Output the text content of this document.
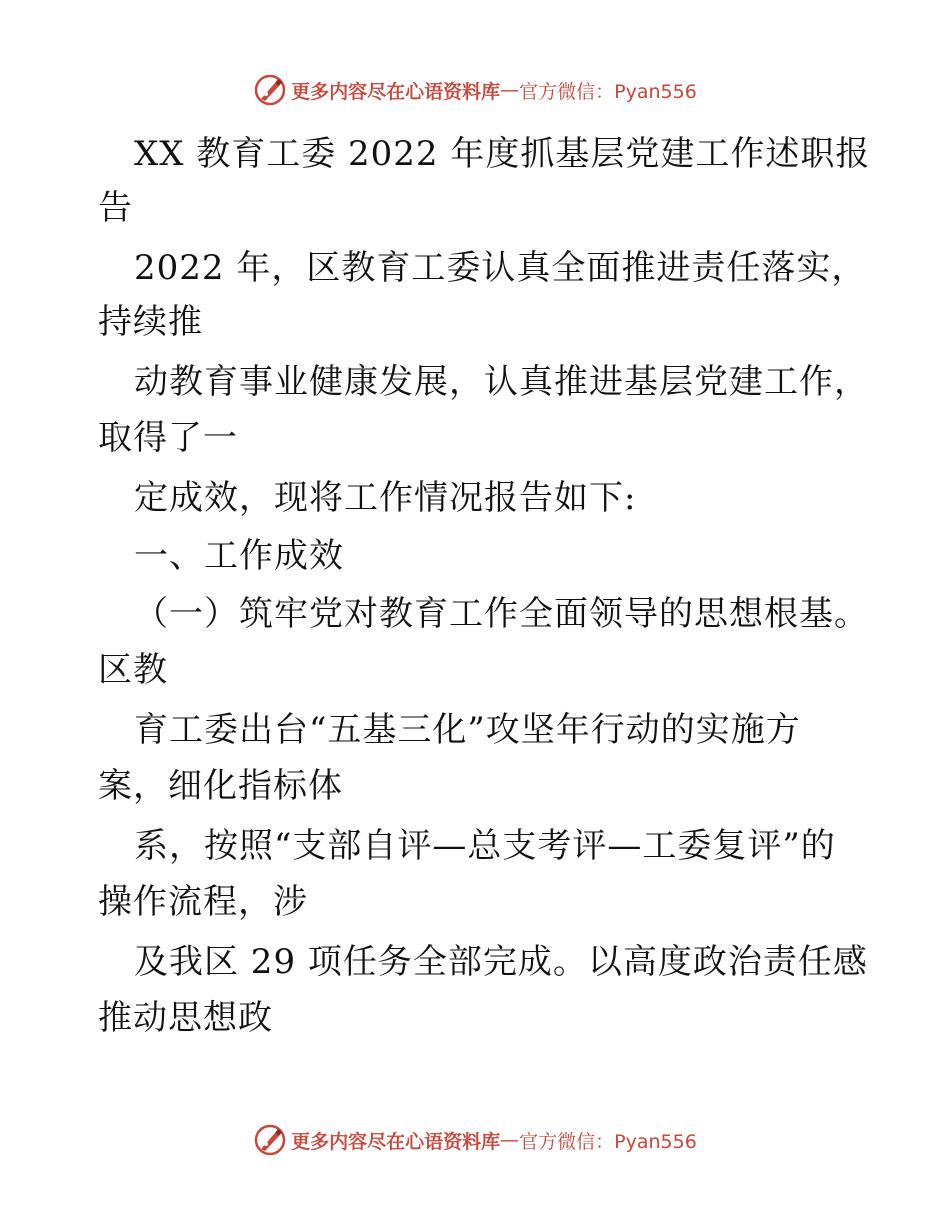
更多内容尽在心语资料库 — 官方微信：Pyan556
XX 教育工委 2022 年度抓基层党建工作述职报
告
2022 年，区教育工委认真全面推进责任落实，
持续推
动教育事业健康发展，认真推进基层党建工作，
取得了一
定成效，现将工作情况报告如下:
一、工作成效
（一）筑牢党对教育工作全面领导的思想根基。
区教
育工委出台“五基三化”攻坚年行动的实施方
案，细化指标体
系，按照“支部自评—总支考评—工委复评”的
操作流程，涉
及我区 29 项任务全部完成。以高度政治责任感
推动思想政
更多内容尽在心语资料库 — 官方微信：Pyan556
